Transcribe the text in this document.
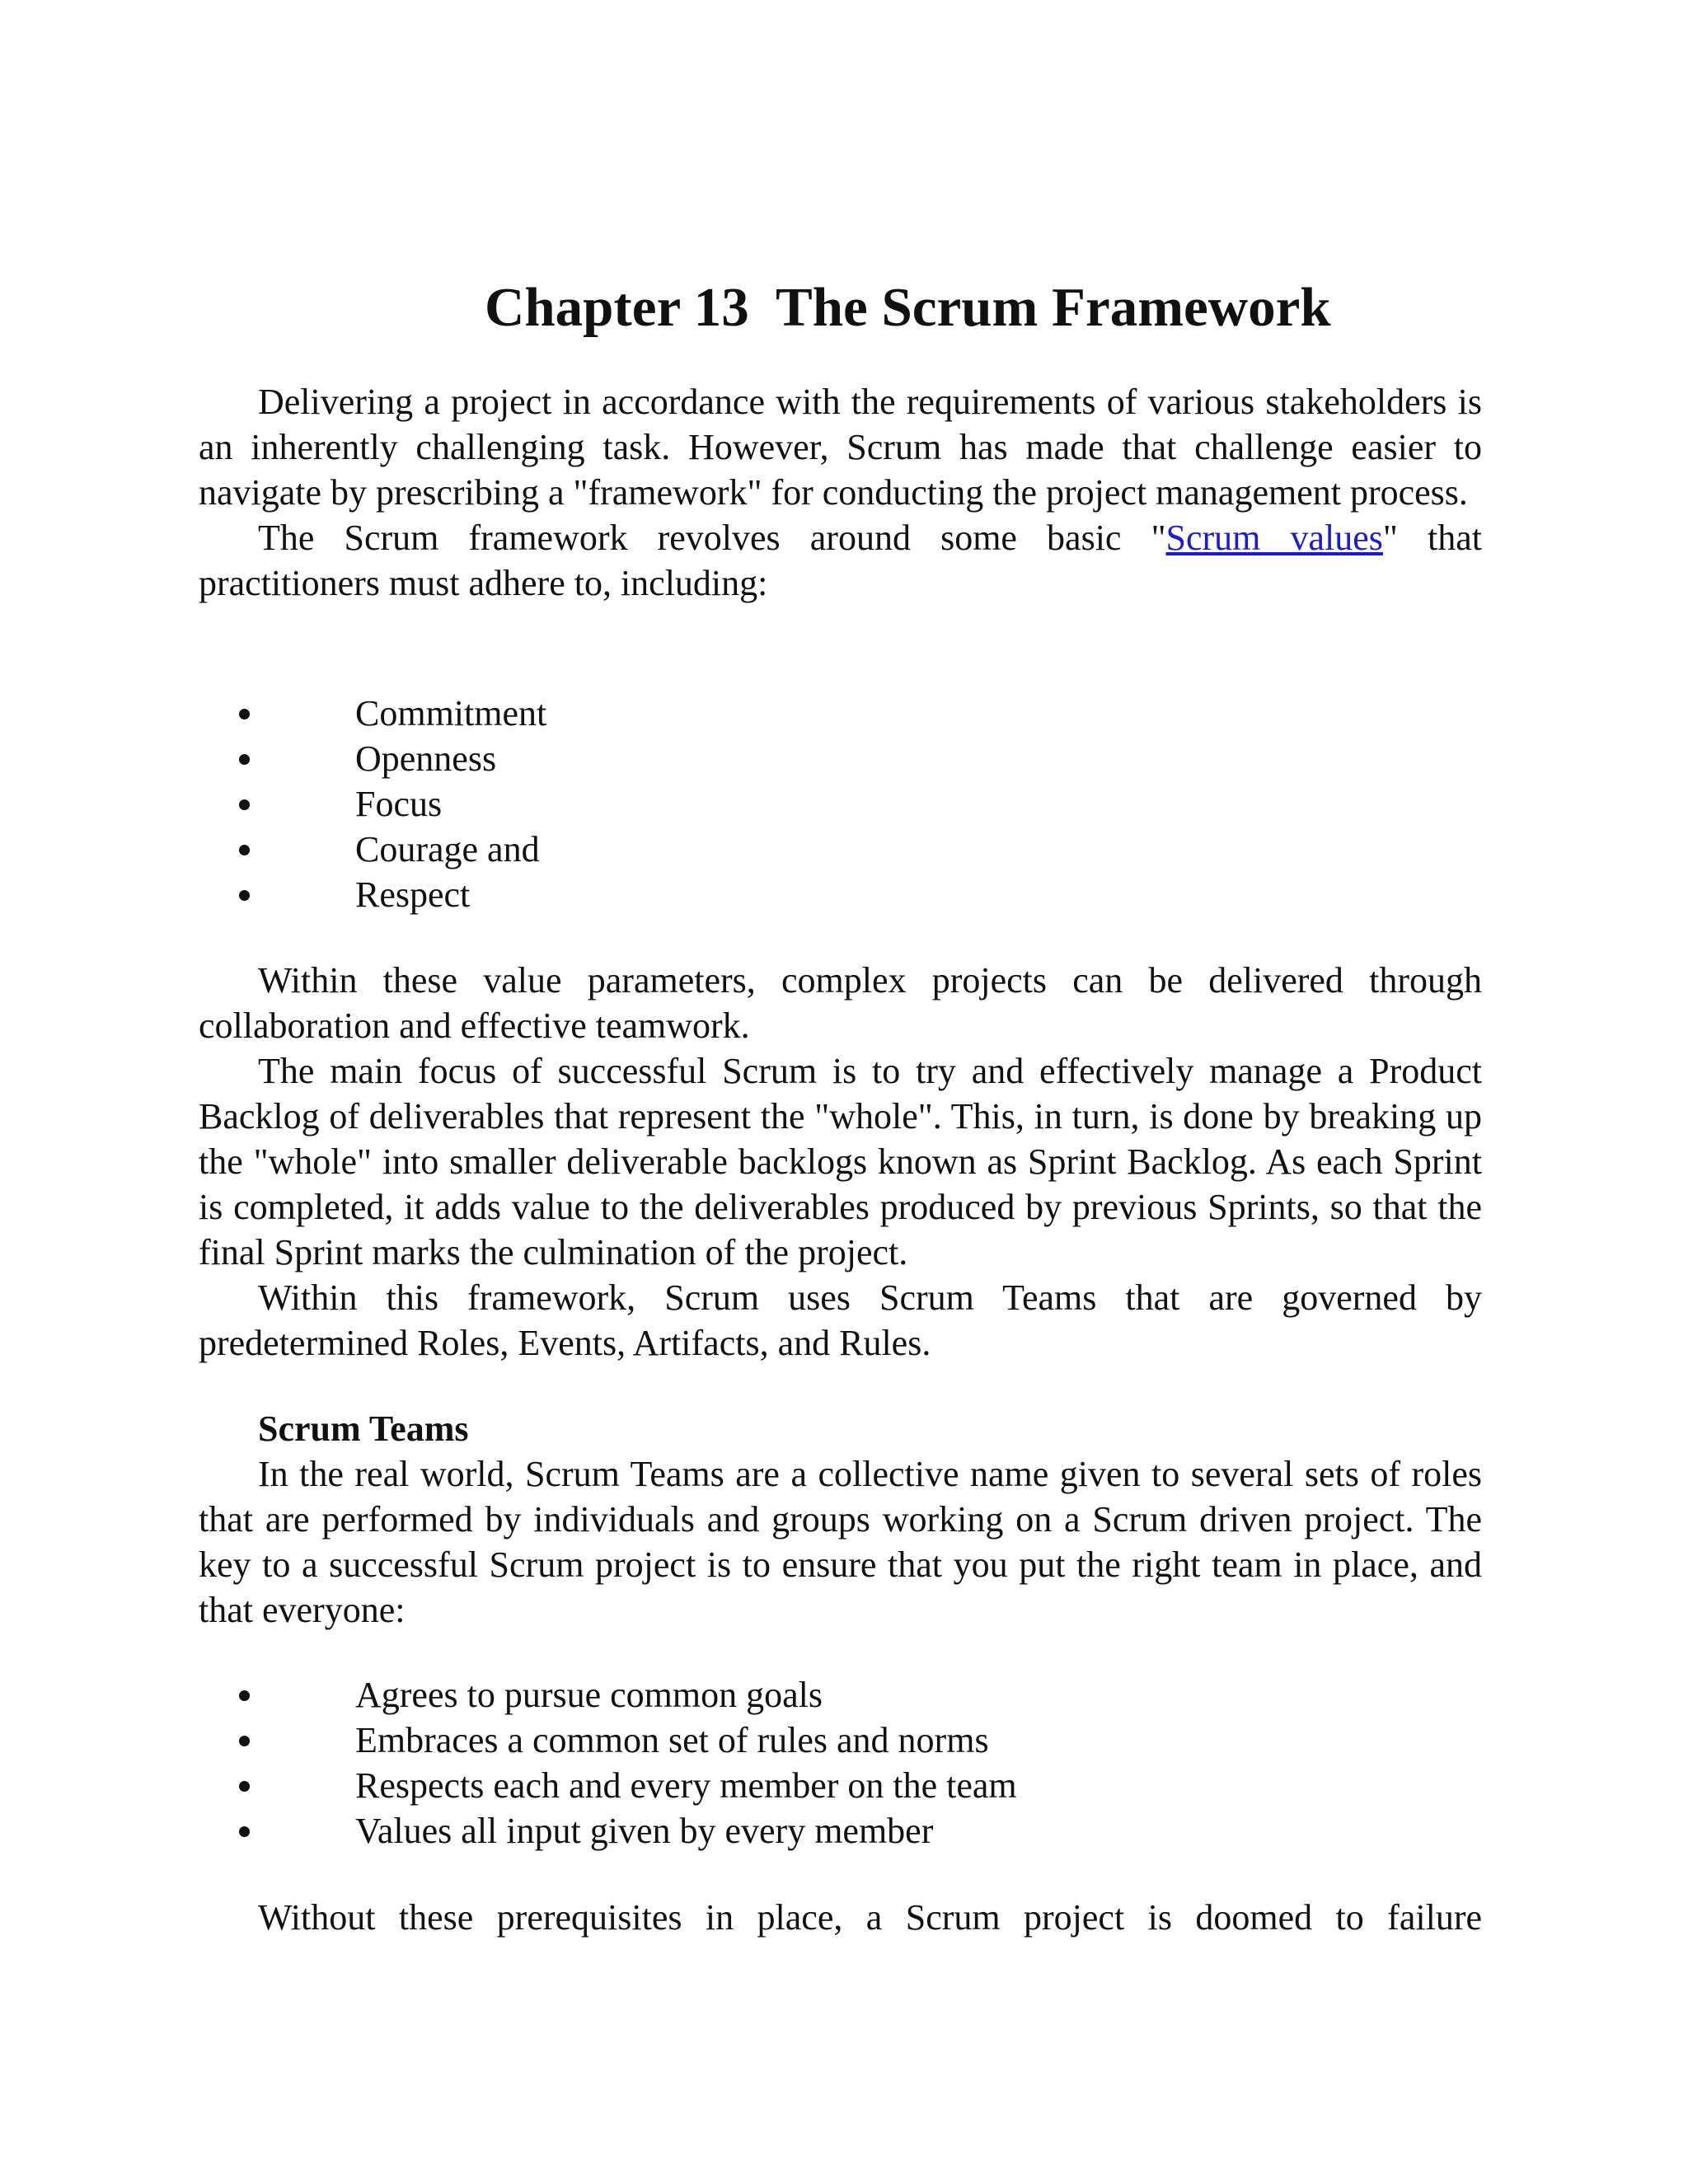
Chapter 13  The Scrum Framework

Delivering a project in accordance with the requirements of various stakeholders is an inherently challenging task. However, Scrum has made that challenge easier to navigate by prescribing a "framework" for conducting the project management process.

The Scrum framework revolves around some basic "Scrum values" that practitioners must adhere to, including:

Commitment
Openness
Focus
Courage and
Respect

Within these value parameters, complex projects can be delivered through collaboration and effective teamwork.

The main focus of successful Scrum is to try and effectively manage a Product Backlog of deliverables that represent the "whole". This, in turn, is done by breaking up the "whole" into smaller deliverable backlogs known as Sprint Backlog. As each Sprint is completed, it adds value to the deliverables produced by previous Sprints, so that the final Sprint marks the culmination of the project.

Within this framework, Scrum uses Scrum Teams that are governed by predetermined Roles, Events, Artifacts, and Rules.

Scrum Teams

In the real world, Scrum Teams are a collective name given to several sets of roles that are performed by individuals and groups working on a Scrum driven project. The key to a successful Scrum project is to ensure that you put the right team in place, and that everyone:

Agrees to pursue common goals
Embraces a common set of rules and norms
Respects each and every member on the team
Values all input given by every member

Without these prerequisites in place, a Scrum project is doomed to failure
